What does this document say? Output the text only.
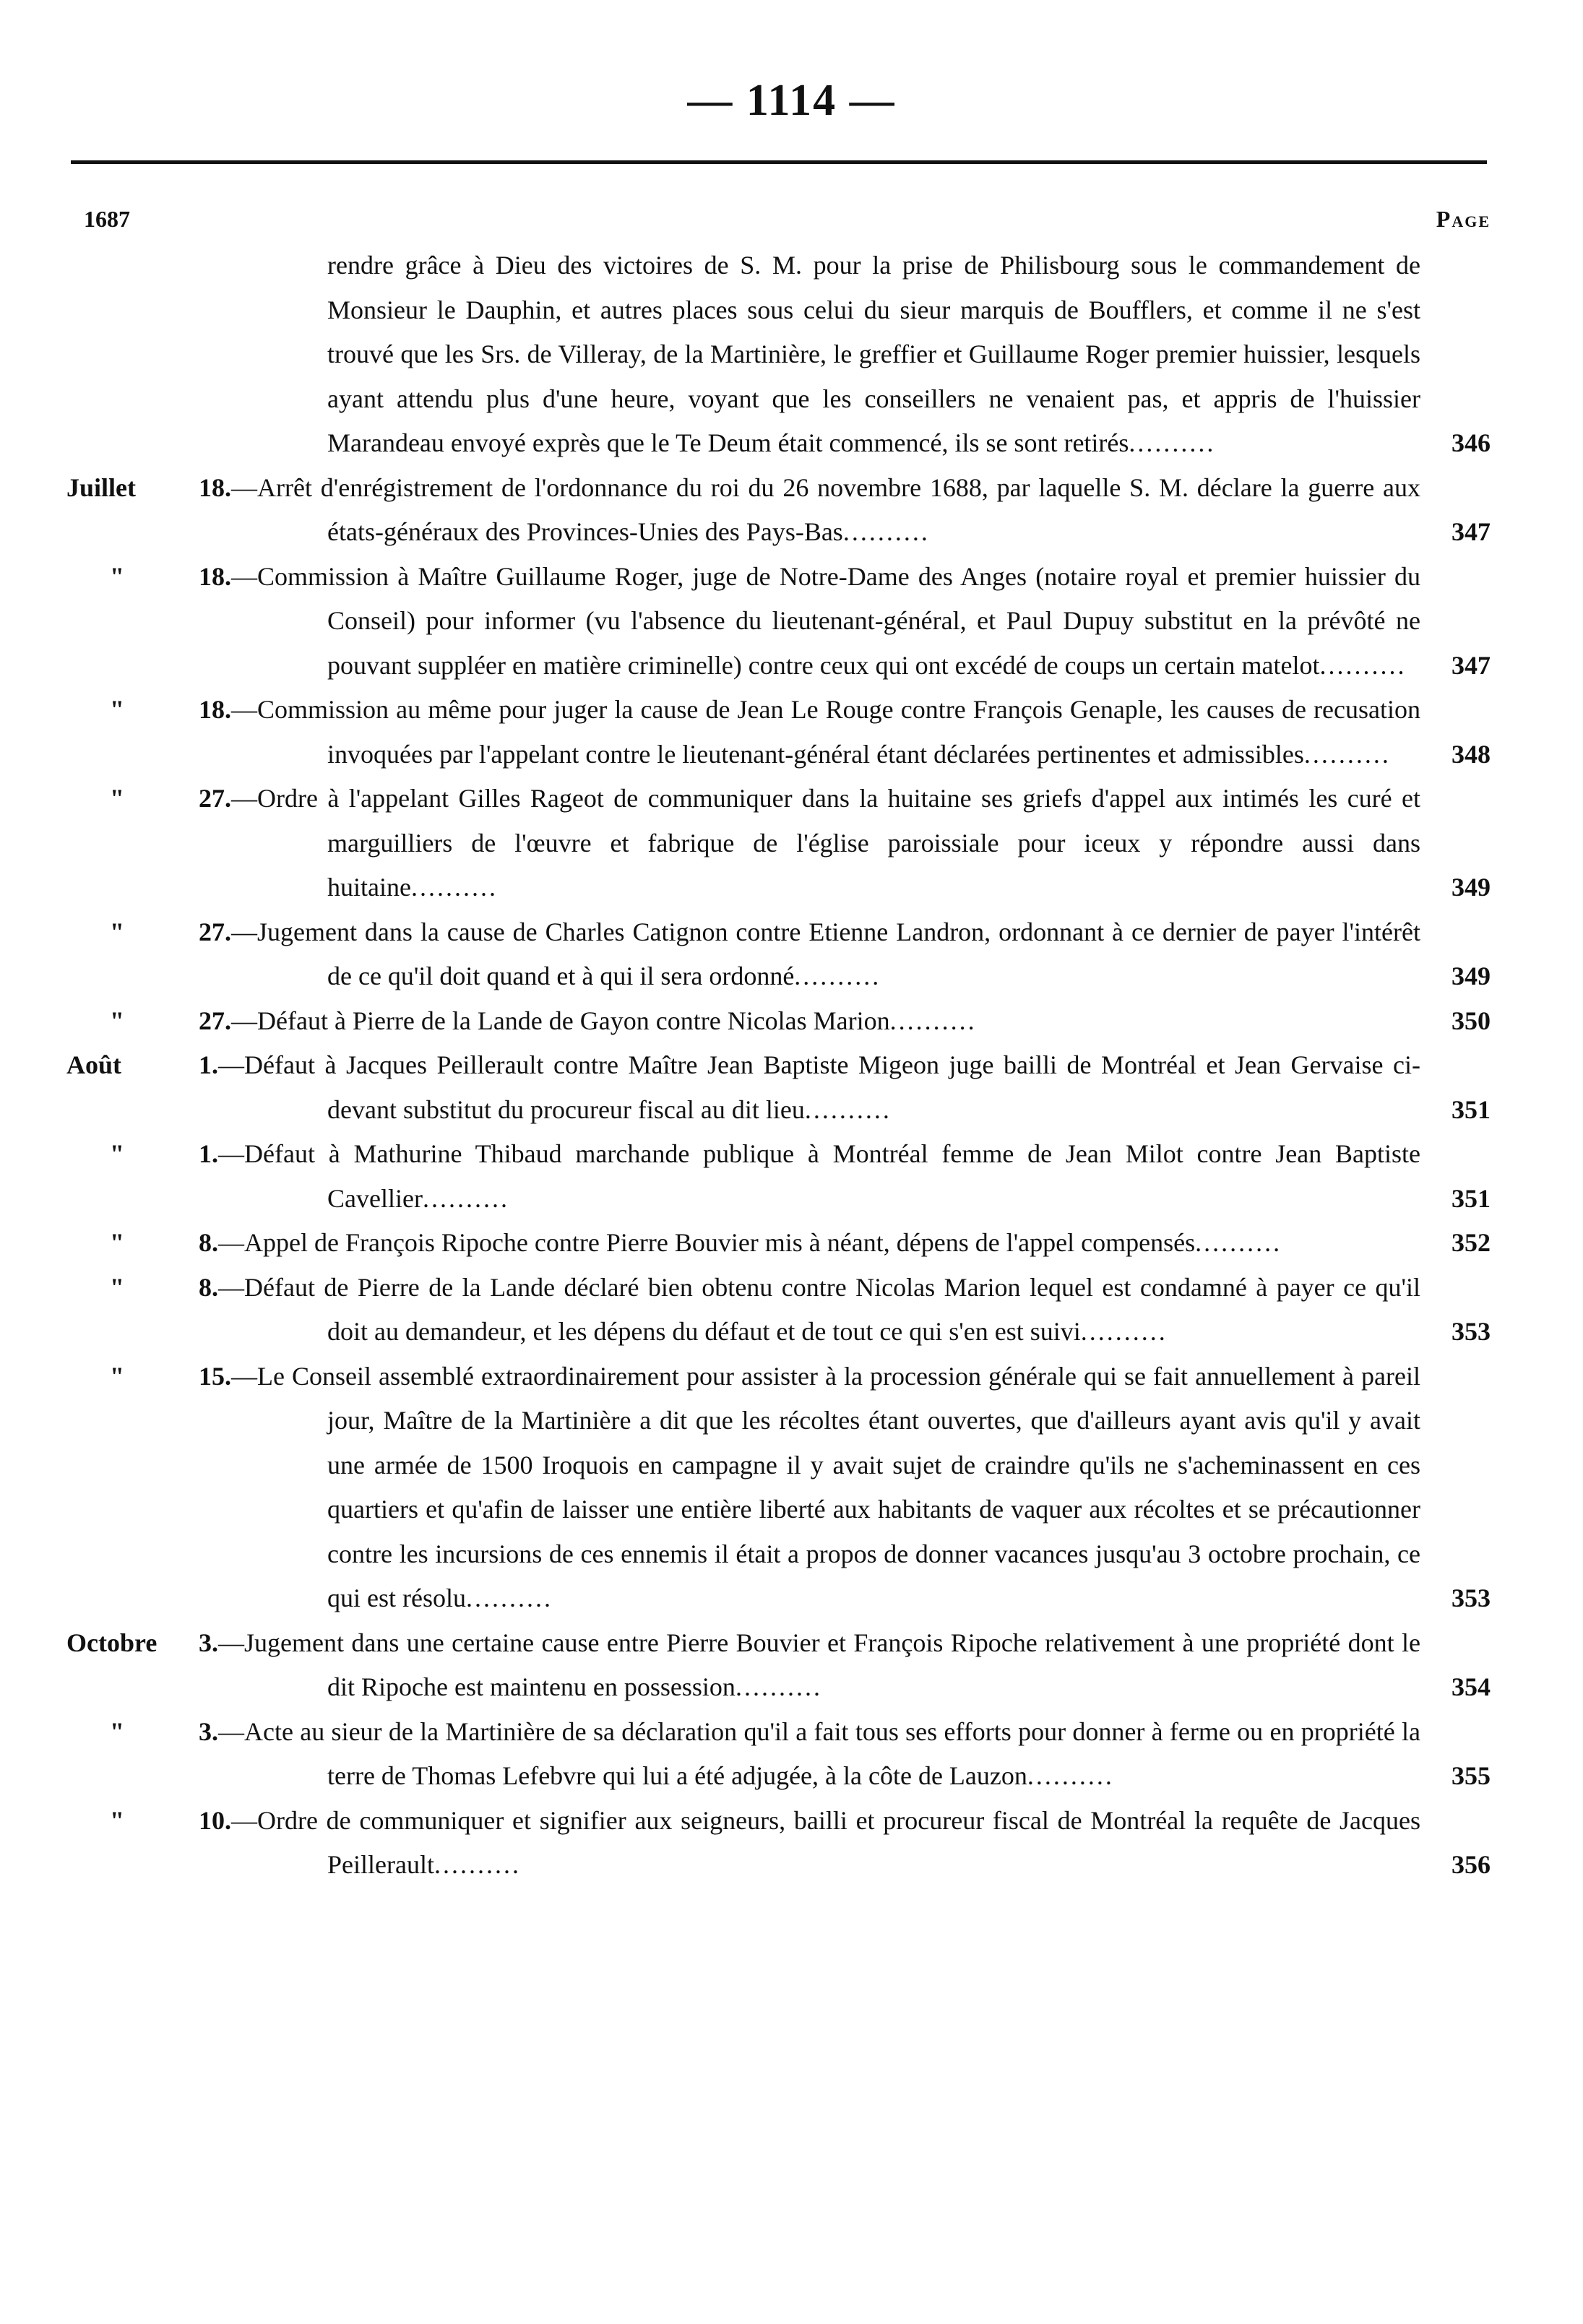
— 1114 —
1687	Page
rendre grâce à Dieu des victoires de S. M. pour la prise de Philisbourg sous le commandement de Monsieur le Dauphin, et autres places sous celui du sieur marquis de Boufflers, et comme il ne s'est trouvé que les Srs. de Villeray, de la Martinière, le greffier et Guillaume Roger premier huissier, lesquels ayant attendu plus d'une heure, voyant que les conseillers ne venaient pas, et appris de l'huissier Marandeau envoyé exprès que le Te Deum était commencé, ils se sont retirés..........	346
Juillet	18.—Arrêt d'enrégistrement de l'ordonnance du roi du 26 novembre 1688, par laquelle S. M. déclare la guerre aux états-généraux des Provinces-Unies des Pays-Bas..........	347
"	18.—Commission à Maître Guillaume Roger, juge de Notre-Dame des Anges (notaire royal et premier huissier du Conseil) pour informer (vu l'absence du lieutenant-général, et Paul Dupuy substitut en la prévôté ne pouvant suppléer en matière criminelle) contre ceux qui ont excédé de coups un certain matelot..........	347
"	18.—Commission au même pour juger la cause de Jean Le Rouge contre François Genaple, les causes de recusation invoquées par l'appelant contre le lieutenant-général étant déclarées pertinentes et admissibles..........	348
"	27.—Ordre à l'appelant Gilles Rageot de communiquer dans la huitaine ses griefs d'appel aux intimés les curé et marguilliers de l'œuvre et fabrique de l'église paroissiale pour iceux y répondre aussi dans huitaine..........	349
"	27.—Jugement dans la cause de Charles Catignon contre Etienne Landron, ordonnant à ce dernier de payer l'intérêt de ce qu'il doit quand et à qui il sera ordonné..........	349
"	27.—Défaut à Pierre de la Lande de Gayon contre Nicolas Marion..........	350
Août	1.—Défaut à Jacques Peillerault contre Maître Jean Baptiste Migeon juge bailli de Montréal et Jean Gervaise ci-devant substitut du procureur fiscal au dit lieu..........	351
"	1.—Défaut à Mathurine Thibaud marchande publique à Montréal femme de Jean Milot contre Jean Baptiste Cavellier..........	351
"	8.—Appel de François Ripoche contre Pierre Bouvier mis à néant, dépens de l'appel compensés..........	352
"	8.—Défaut de Pierre de la Lande déclaré bien obtenu contre Nicolas Marion lequel est condamné à payer ce qu'il doit au demandeur, et les dépens du défaut et de tout ce qui s'en est suivi..........	353
"	15.—Le Conseil assemblé extraordinairement pour assister à la procession générale qui se fait annuellement à pareil jour, Maître de la Martinière a dit que les récoltes étant ouvertes, que d'ailleurs ayant avis qu'il y avait une armée de 1500 Iroquois en campagne il y avait sujet de craindre qu'ils ne s'acheminassent en ces quartiers et qu'afin de laisser une entière liberté aux habitants de vaquer aux récoltes et se précautionner contre les incursions de ces ennemis il était a propos de donner vacances jusqu'au 3 octobre prochain, ce qui est résolu..........	353
Octobre	3.—Jugement dans une certaine cause entre Pierre Bouvier et François Ripoche relativement à une propriété dont le dit Ripoche est maintenu en possession..........	354
"	3.—Acte au sieur de la Martinière de sa déclaration qu'il a fait tous ses efforts pour donner à ferme ou en propriété la terre de Thomas Lefebvre qui lui a été adjugée, à la côte de Lauzon..........	355
"	10.—Ordre de communiquer et signifier aux seigneurs, bailli et procureur fiscal de Montréal la requête de Jacques Peillerault..........	356
